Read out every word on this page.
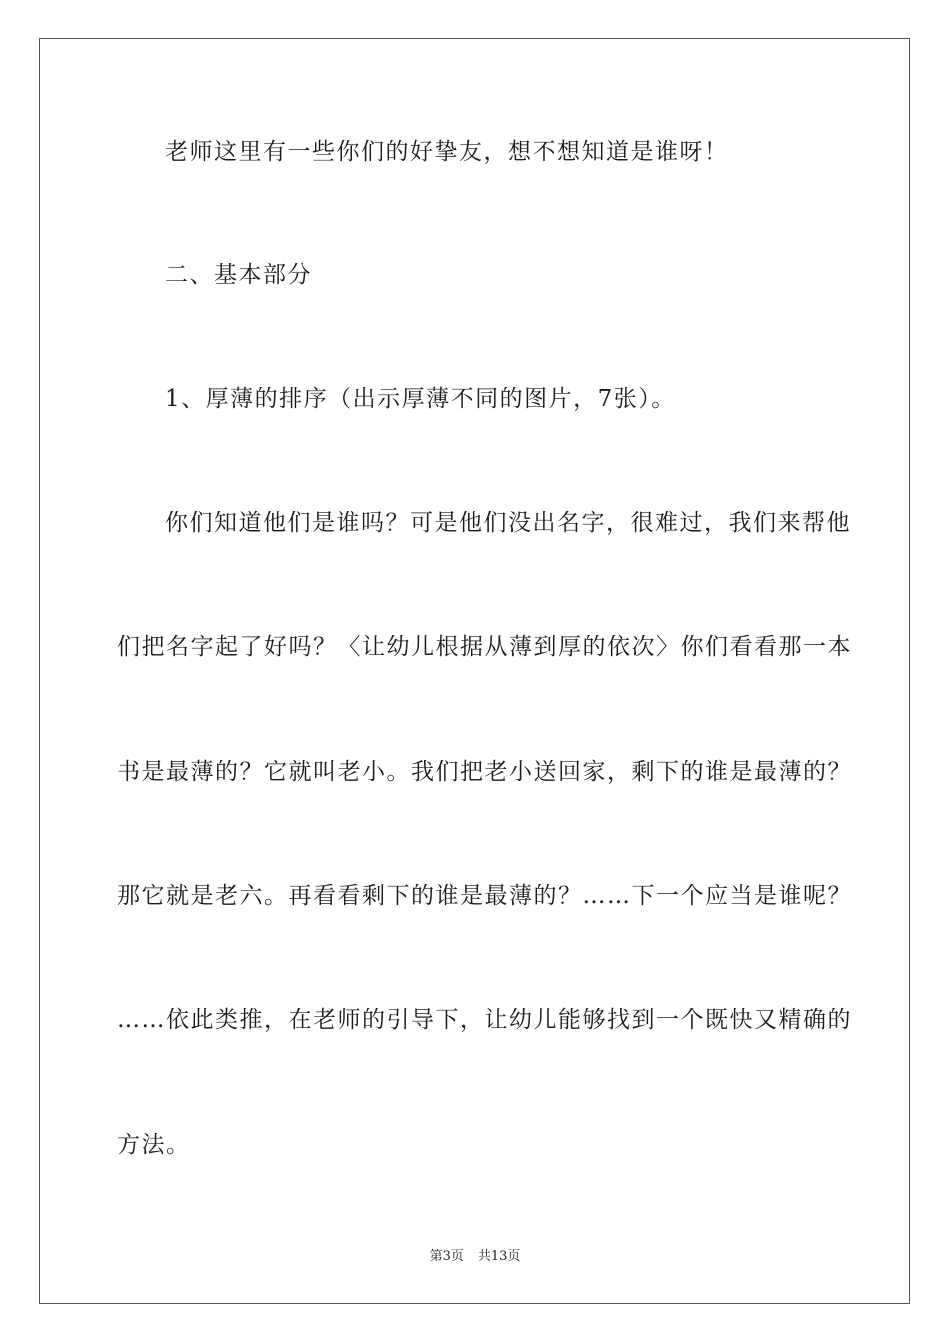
老师这里有一些你们的好挚友，想不想知道是谁呀！
二、基本部分
1、厚薄的排序（出示厚薄不同的图片，7张）。
你们知道他们是谁吗？可是他们没出名字，很难过，我们来帮他
们把名字起了好吗？〈让幼儿根据从薄到厚的依次〉你们看看那一本
书是最薄的？它就叫老小。我们把老小送回家，剩下的谁是最薄的？
那它就是老六。再看看剩下的谁是最薄的？……下一个应当是谁呢？
……依此类推，在老师的引导下，让幼儿能够找到一个既快又精确的
方法。
第3页 共13页
